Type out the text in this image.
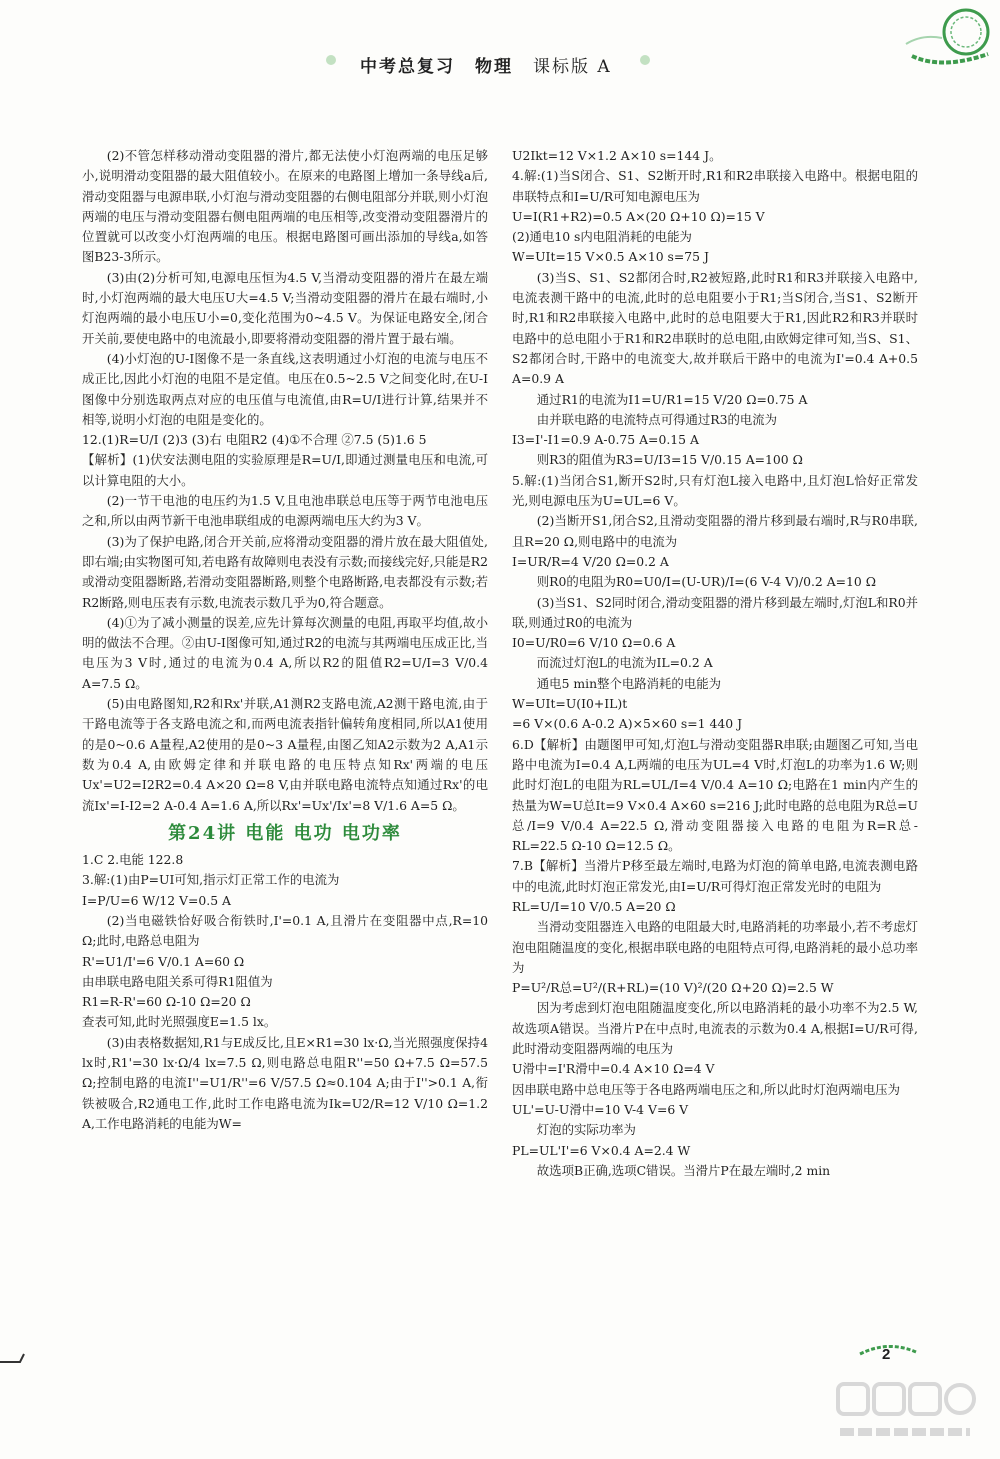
中考总复习 物理 课标版 A

(2)不管怎样移动滑动变阻器的滑片,都无法使小灯泡两端的电压足够小,说明滑动变阻器的最大阻值较小。在原来的电路图上增加一条导线a后,滑动变阻器与电源串联,小灯泡与滑动变阻器的右侧电阻部分并联,则小灯泡两端的电压与滑动变阻器右侧电阻两端的电压相等,改变滑动变阻器滑片的位置就可以改变小灯泡两端的电压。根据电路图可画出添加的导线a,如答图B23-3所示。

(3)由(2)分析可知,电源电压恒为4.5 V,当滑动变阻器的滑片在最左端时,小灯泡两端的最大电压U大=4.5 V;当滑动变阻器的滑片在最右端时,小灯泡两端的最小电压U小=0,变化范围为0~4.5 V。为保证电路安全,闭合开关前,要使电路中的电流最小,即要将滑动变阻器的滑片置于最右端。

(4)小灯泡的U-I图像不是一条直线,这表明通过小灯泡的电流与电压不成正比,因此小灯泡的电阻不是定值。电压在0.5~2.5 V之间变化时,在U-I图像中分别选取两点对应的电压值与电流值,由R=U/I进行计算,结果并不相等,说明小灯泡的电阻是变化的。

12.(1)R=U/I (2)3 (3)右 电阻R2 (4)①不合理 ②7.5 (5)1.6 5

【解析】(1)伏安法测电阻的实验原理是R=U/I,即通过测量电压和电流,可以计算电阻的大小。

(2)一节干电池的电压约为1.5 V,且电池串联总电压等于两节电池电压之和,所以由两节新干电池串联组成的电源两端电压大约为3 V。

(3)为了保护电路,闭合开关前,应将滑动变阻器的滑片放在最大阻值处,即右端;由实物图可知,若电路有故障则电表没有示数;而接线完好,只能是R2或滑动变阻器断路,若滑动变阻器断路,则整个电路断路,电表都没有示数;若R2断路,则电压表有示数,电流表示数几乎为0,符合题意。

(4)①为了减小测量的误差,应先计算每次测量的电阻,再取平均值,故小明的做法不合理。②由U-I图像可知,通过R2的电流与其两端电压成正比,当电压为3 V时,通过的电流为0.4 A,所以R2的阻值R2=U/I=3 V/0.4 A=7.5 Ω。

(5)由电路图知,R2和Rx'并联,A1测R2支路电流,A2测干路电流,由于干路电流等于各支路电流之和,而两电流表指针偏转角度相同,所以A1使用的是0~0.6 A量程,A2使用的是0~3 A量程,由图乙知A2示数为2 A,A1示数为0.4 A,由欧姆定律和并联电路的电压特点知Rx'两端的电压Ux'=U2=I2R2=0.4 A×20 Ω=8 V,由并联电路电流特点知通过Rx'的电流Ix'=I-I2=2 A-0.4 A=1.6 A,所以Rx'=Ux'/Ix'=8 V/1.6 A=5 Ω。

第24讲 电能 电功 电功率

1.C 2.电能 122.8

3.解:(1)由P=UI可知,指示灯正常工作的电流为

I=P/U=6 W/12 V=0.5 A

(2)当电磁铁恰好吸合衔铁时,I'=0.1 A,且滑片在变阻器中点,R=10 Ω;此时,电路总电阻为

R'=U1/I'=6 V/0.1 A=60 Ω

由串联电路电阻关系可得R1阻值为

R1=R-R'=60 Ω-10 Ω=20 Ω

查表可知,此时光照强度E=1.5 lx。

(3)由表格数据知,R1与E成反比,且E×R1=30 lx·Ω,当光照强度保持4 lx时,R1'=30 lx·Ω/4 lx=7.5 Ω,则电路总电阻R''=50 Ω+7.5 Ω=57.5 Ω;控制电路的电流I''=U1/R''=6 V/57.5 Ω≈0.104 A;由于I''>0.1 A,衔铁被吸合,R2通电工作,此时工作电路电流为Ik=U2/R=12 V/10 Ω=1.2 A,工作电路消耗的电能为W=

U2Ikt=12 V×1.2 A×10 s=144 J。

4.解:(1)当S闭合、S1、S2断开时,R1和R2串联接入电路中。根据电阻的串联特点和I=U/R可知电源电压为

U=I(R1+R2)=0.5 A×(20 Ω+10 Ω)=15 V

(2)通电10 s内电阻消耗的电能为

W=UIt=15 V×0.5 A×10 s=75 J

(3)当S、S1、S2都闭合时,R2被短路,此时R1和R3并联接入电路中,电流表测干路中的电流,此时的总电阻要小于R1;当S闭合,当S1、S2断开时,R1和R2串联接入电路中,此时的总电阻要大于R1,因此R2和R3并联时电路中的总电阻小于R1和R2串联时的总电阻,由欧姆定律可知,当S、S1、S2都闭合时,干路中的电流变大,故并联后干路中的电流为I'=0.4 A+0.5 A=0.9 A

通过R1的电流为I1=U/R1=15 V/20 Ω=0.75 A

由并联电路的电流特点可得通过R3的电流为

I3=I'-I1=0.9 A-0.75 A=0.15 A

则R3的阻值为R3=U/I3=15 V/0.15 A=100 Ω

5.解:(1)当闭合S1,断开S2时,只有灯泡L接入电路中,且灯泡L恰好正常发光,则电源电压为U=UL=6 V。

(2)当断开S1,闭合S2,且滑动变阻器的滑片移到最右端时,R与R0串联,且R=20 Ω,则电路中的电流为

I=UR/R=4 V/20 Ω=0.2 A

则R0的电阻为R0=U0/I=(U-UR)/I=(6 V-4 V)/0.2 A=10 Ω

(3)当S1、S2同时闭合,滑动变阻器的滑片移到最左端时,灯泡L和R0并联,则通过R0的电流为

I0=U/R0=6 V/10 Ω=0.6 A

而流过灯泡L的电流为IL=0.2 A

通电5 min整个电路消耗的电能为

W=UIt=U(I0+IL)t

=6 V×(0.6 A-0.2 A)×5×60 s=1 440 J

6.D【解析】由题图甲可知,灯泡L与滑动变阻器R串联;由题图乙可知,当电路中电流为I=0.4 A,L两端的电压为UL=4 V时,灯泡L的功率为1.6 W;则此时灯泡L的电阻为RL=UL/I=4 V/0.4 A=10 Ω;电路在1 min内产生的热量为W=U总It=9 V×0.4 A×60 s=216 J;此时电路的总电阻为R总=U总/I=9 V/0.4 A=22.5 Ω,滑动变阻器接入电路的电阻为R=R总-RL=22.5 Ω-10 Ω=12.5 Ω。

7.B【解析】当滑片P移至最左端时,电路为灯泡的简单电路,电流表测电路中的电流,此时灯泡正常发光,由I=U/R可得灯泡正常发光时的电阻为

RL=U/I=10 V/0.5 A=20 Ω

当滑动变阻器连入电路的电阻最大时,电路消耗的功率最小,若不考虑灯泡电阻随温度的变化,根据串联电路的电阻特点可得,电路消耗的最小总功率为

P=U²/R总=U²/(R+RL)=(10 V)²/(20 Ω+20 Ω)=2.5 W

因为考虑到灯泡电阻随温度变化,所以电路消耗的最小功率不为2.5 W,故选项A错误。当滑片P在中点时,电流表的示数为0.4 A,根据I=U/R可得,此时滑动变阻器两端的电压为

U滑中=I'R滑中=0.4 A×10 Ω=4 V

因串联电路中总电压等于各电路两端电压之和,所以此时灯泡两端电压为

UL'=U-U滑中=10 V-4 V=6 V

灯泡的实际功率为

PL=UL'I'=6 V×0.4 A=2.4 W

故选项B正确,选项C错误。当滑片P在最左端时,2 min

2
